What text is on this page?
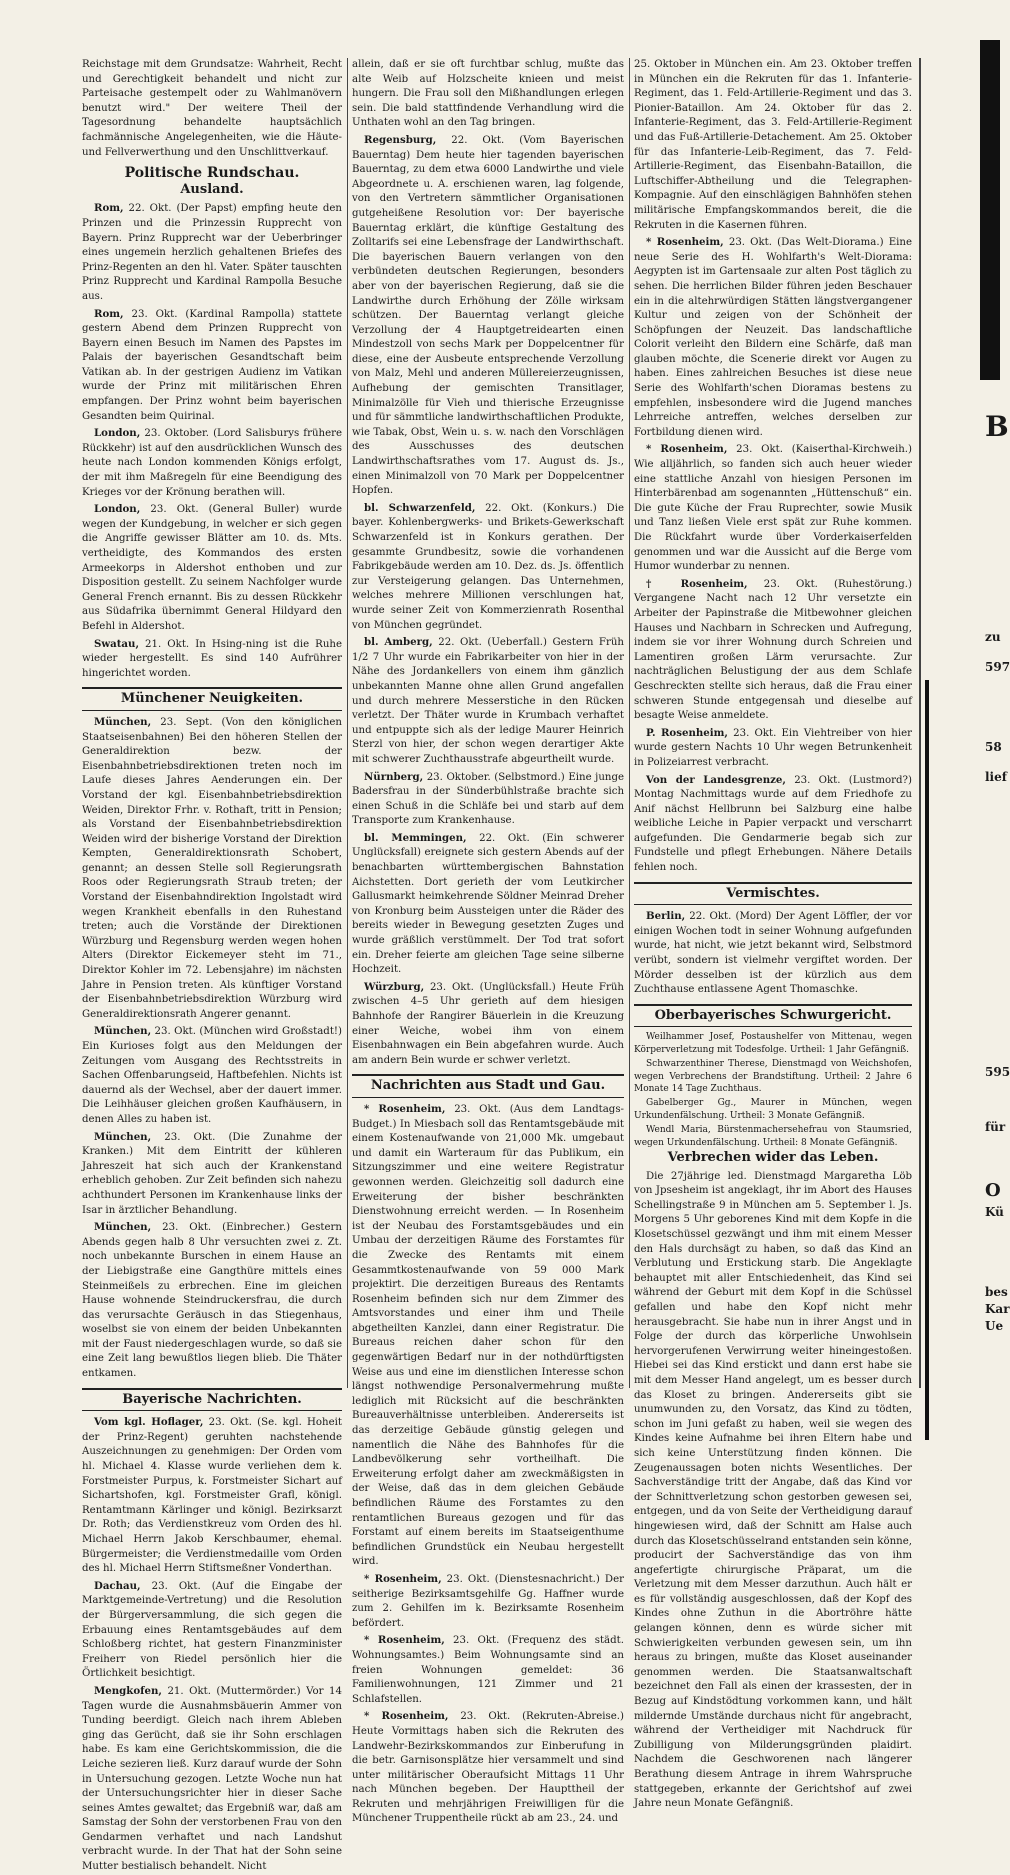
Reichstage mit dem Grundsatze: Wahrheit, Recht und Gerechtigkeit behandelt und nicht zur Parteisache gestempelt oder zu Wahlmanövern benutzt wird." Der weitere Theil der Tagesordnung behandelte hauptsächlich fachmännische Angelegenheiten, wie die Häute- und Fellverwerthung und den Unschlittverkauf.

Politische Rundschau.
Ausland.

Rom, 22. Okt. (Der Papst) empfing heute den Prinzen und die Prinzessin Rupprecht von Bayern. Prinz Rupprecht war der Ueberbringer eines ungemein herzlich gehaltenen Briefes des Prinz-Regenten an den hl. Vater. Später tauschten Prinz Rupprecht und Kardinal Rampolla Besuche aus.

Rom, 23. Okt. (Kardinal Rampolla) stattete gestern Abend dem Prinzen Rupprecht von Bayern einen Besuch im Namen des Papstes im Palais der bayerischen Gesandtschaft beim Vatikan ab. In der gestrigen Audienz im Vatikan wurde der Prinz mit militärischen Ehren empfangen. Der Prinz wohnt beim bayerischen Gesandten beim Quirinal.

London, 23. Oktober. (Lord Salisburys frühere Rückkehr) ist auf den ausdrücklichen Wunsch des heute nach London kommenden Königs erfolgt, der mit ihm Maßregeln für eine Beendigung des Krieges vor der Krönung berathen will.

London, 23. Okt. (General Buller) wurde wegen der Kundgebung, in welcher er sich gegen die Angriffe gewisser Blätter am 10. ds. Mts. vertheidigte, des Kommandos des ersten Armeekorps in Aldershot enthoben und zur Disposition gestellt. Zu seinem Nachfolger wurde General French ernannt. Bis zu dessen Rückkehr aus Südafrika übernimmt General Hildyard den Befehl in Aldershot.

Swatau, 21. Okt. In Hsing-ning ist die Ruhe wieder hergestellt. Es sind 140 Aufrührer hingerichtet worden.

Münchener Neuigkeiten.

München, 23. Sept. (Von den königlichen Staatseisenbahnen) Bei den höheren Stellen der Generaldirektion bezw. der Eisenbahnbetriebsdirektionen treten noch im Laufe dieses Jahres Aenderungen ein. Der Vorstand der kgl. Eisenbahnbetriebsdirektion Weiden, Direktor Frhr. v. Rothaft, tritt in Pension; als Vorstand der Eisenbahnbetriebsdirektion Weiden wird der bisherige Vorstand der Direktion Kempten, Generaldirektionsrath Schobert, genannt; an dessen Stelle soll Regierungsrath Roos oder Regierungsrath Straub treten; der Vorstand der Eisenbahndirektion Ingolstadt wird wegen Krankheit ebenfalls in den Ruhestand treten; auch die Vorstände der Direktionen Würzburg und Regensburg werden wegen hohen Alters (Direktor Eickemeyer steht im 71., Direktor Kohler im 72. Lebensjahre) im nächsten Jahre in Pension treten. Als künftiger Vorstand der Eisenbahnbetriebsdirektion Würzburg wird Generaldirektionsrath Angerer genannt.

München, 23. Okt. (München wird Großstadt!) Ein Kurioses folgt aus den Meldungen der Zeitungen vom Ausgang des Rechtsstreits in Sachen Offenbarungseid, Haftbefehlen. Nichts ist dauernd als der Wechsel, aber der dauert immer. Die Leihhäuser gleichen großen Kaufhäusern, in denen Alles zu haben ist.

München, 23. Okt. (Die Zunahme der Kranken.) Mit dem Eintritt der kühleren Jahreszeit hat sich auch der Krankenstand erheblich gehoben. Zur Zeit befinden sich nahezu achthundert Personen im Krankenhause links der Isar in ärztlicher Behandlung.

München, 23. Okt. (Einbrecher.) Gestern Abends gegen halb 8 Uhr versuchten zwei z. Zt. noch unbekannte Burschen in einem Hause an der Liebigstraße eine Gangthüre mittels eines Steinmeißels zu erbrechen. Eine im gleichen Hause wohnende Steindruckersfrau, die durch das verursachte Geräusch in das Stiegenhaus, woselbst sie von einem der beiden Unbekannten mit der Faust niedergeschlagen wurde, so daß sie eine Zeit lang bewußtlos liegen blieb. Die Thäter entkamen.

Bayerische Nachrichten.

Vom kgl. Hoflager, 23. Okt. (Se. kgl. Hoheit der Prinz-Regent) geruhten nachstehende Auszeichnungen zu genehmigen: Der Orden vom hl. Michael 4. Klasse wurde verliehen dem k. Forstmeister Purpus, k. Forstmeister Sichart auf Sichartshofen, kgl. Forstmeister Grafl, königl. Rentamtmann Kärlinger und königl. Bezirksarzt Dr. Roth; das Verdienstkreuz vom Orden des hl. Michael Herrn Jakob Kerschbaumer, ehemal. Bürgermeister; die Verdienstmedaille vom Orden des hl. Michael Herrn Stiftsmeßner Vonderthan.

Dachau, 23. Okt. (Auf die Eingabe der Marktgemeinde-Vertretung) und die Resolution der Bürgerversammlung, die sich gegen die Erbauung eines Rentamtsgebäudes auf dem Schloßberg richtet, hat gestern Finanzminister Freiherr von Riedel persönlich hier die Örtlichkeit besichtigt.

Mengkofen, 21. Okt. (Muttermörder.) Vor 14 Tagen wurde die Ausnahmsbäuerin Ammer von Tunding beerdigt. Gleich nach ihrem Ableben ging das Gerücht, daß sie ihr Sohn erschlagen habe. Es kam eine Gerichtskommission, die die Leiche sezieren ließ. Kurz darauf wurde der Sohn in Untersuchung gezogen. Letzte Woche nun hat der Untersuchungsrichter hier in dieser Sache seines Amtes gewaltet; das Ergebniß war, daß am Samstag der Sohn der verstorbenen Frau von den Gendarmen verhaftet und nach Landshut verbracht wurde. In der That hat der Sohn seine Mutter bestialisch behandelt. Nicht

allein, daß er sie oft furchtbar schlug, mußte das alte Weib auf Holzscheite knieen und meist hungern. Die Frau soll den Mißhandlungen erlegen sein. Die bald stattfindende Verhandlung wird die Unthaten wohl an den Tag bringen.

Regensburg, 22. Okt. (Vom Bayerischen Bauerntag) Dem heute hier tagenden bayerischen Bauerntag, zu dem etwa 6000 Landwirthe und viele Abgeordnete u. A. erschienen waren, lag folgende, von den Vertretern sämmtlicher Organisationen gutgeheißene Resolution vor: Der bayerische Bauerntag erklärt, die künftige Gestaltung des Zolltarifs sei eine Lebensfrage der Landwirthschaft. Die bayerischen Bauern verlangen von den verbündeten deutschen Regierungen, besonders aber von der bayerischen Regierung, daß sie die Landwirthe durch Erhöhung der Zölle wirksam schützen. Der Bauerntag verlangt gleiche Verzollung der 4 Hauptgetreidearten einen Mindestzoll von sechs Mark per Doppelcentner für diese, eine der Ausbeute entsprechende Verzollung von Malz, Mehl und anderen Müllereierzeugnissen, Aufhebung der gemischten Transitlager, Minimalzölle für Vieh und thierische Erzeugnisse und für sämmtliche landwirthschaftlichen Produkte, wie Tabak, Obst, Wein u. s. w. nach den Vorschlägen des Ausschusses des deutschen Landwirthschaftsrathes vom 17. August ds. Js., einen Minimalzoll von 70 Mark per Doppelcentner Hopfen.

bl. Schwarzenfeld, 22. Okt. (Konkurs.) Die bayer. Kohlenbergwerks- und Brikets-Gewerkschaft Schwarzenfeld ist in Konkurs gerathen. Der gesammte Grundbesitz, sowie die vorhandenen Fabrikgebäude werden am 10. Dez. ds. Js. öffentlich zur Versteigerung gelangen. Das Unternehmen, welches mehrere Millionen verschlungen hat, wurde seiner Zeit von Kommerzienrath Rosenthal von München gegründet.

bl. Amberg, 22. Okt. (Ueberfall.) Gestern Früh 1/2 7 Uhr wurde ein Fabrikarbeiter von hier in der Nähe des Jordankellers von einem ihm gänzlich unbekannten Manne ohne allen Grund angefallen und durch mehrere Messerstiche in den Rücken verletzt. Der Thäter wurde in Krumbach verhaftet und entpuppte sich als der ledige Maurer Heinrich Sterzl von hier, der schon wegen derartiger Akte mit schwerer Zuchthausstrafe abgeurtheilt wurde.

Nürnberg, 23. Oktober. (Selbstmord.) Eine junge Badersfrau in der Sünderbühlstraße brachte sich einen Schuß in die Schläfe bei und starb auf dem Transporte zum Krankenhause.

bl. Memmingen, 22. Okt. (Ein schwerer Unglücksfall) ereignete sich gestern Abends auf der benachbarten württembergischen Bahnstation Aichstetten. Dort gerieth der vom Leutkircher Gallusmarkt heimkehrende Söldner Meinrad Dreher von Kronburg beim Aussteigen unter die Räder des bereits wieder in Bewegung gesetzten Zuges und wurde gräßlich verstümmelt. Der Tod trat sofort ein. Dreher feierte am gleichen Tage seine silberne Hochzeit.

Würzburg, 23. Okt. (Unglücksfall.) Heute Früh zwischen 4–5 Uhr gerieth auf dem hiesigen Bahnhofe der Rangirer Bäuerlein in die Kreuzung einer Weiche, wobei ihm von einem Eisenbahnwagen ein Bein abgefahren wurde. Auch am andern Bein wurde er schwer verletzt.

Nachrichten aus Stadt und Gau.

* Rosenheim, 23. Okt. (Aus dem Landtags-Budget.) In Miesbach soll das Rentamtsgebäude mit einem Kostenaufwande von 21,000 Mk. umgebaut und damit ein Warteraum für das Publikum, ein Sitzungszimmer und eine weitere Registratur gewonnen werden. Gleichzeitig soll dadurch eine Erweiterung der bisher beschränkten Dienstwohnung erreicht werden. — In Rosenheim ist der Neubau des Forstamtsgebäudes und ein Umbau der derzeitigen Räume des Forstamtes für die Zwecke des Rentamts mit einem Gesammtkostenaufwande von 59 000 Mark projektirt. Die derzeitigen Bureaus des Rentamts Rosenheim befinden sich nur dem Zimmer des Amtsvorstandes und einer ihm und Theile abgetheilten Kanzlei, dann einer Registratur. Die Bureaus reichen daher schon für den gegenwärtigen Bedarf nur in der nothdürftigsten Weise aus und eine im dienstlichen Interesse schon längst nothwendige Personalvermehrung mußte lediglich mit Rücksicht auf die beschränkten Bureauverhältnisse unterbleiben. Andererseits ist das derzeitige Gebäude günstig gelegen und namentlich die Nähe des Bahnhofes für die Landbevölkerung sehr vortheilhaft. Die Erweiterung erfolgt daher am zweckmäßigsten in der Weise, daß das in dem gleichen Gebäude befindlichen Räume des Forstamtes zu den rentamtlichen Bureaus gezogen und für das Forstamt auf einem bereits im Staatseigenthume befindlichen Grundstück ein Neubau hergestellt wird.

* Rosenheim, 23. Okt. (Dienstesnachricht.) Der seitherige Bezirksamtsgehilfe Gg. Haffner wurde zum 2. Gehilfen im k. Bezirksamte Rosenheim befördert.

* Rosenheim, 23. Okt. (Frequenz des städt. Wohnungsamtes.) Beim Wohnungsamte sind an freien Wohnungen gemeldet: 36 Familienwohnungen, 121 Zimmer und 21 Schlafstellen.

* Rosenheim, 23. Okt. (Rekruten-Abreise.) Heute Vormittags haben sich die Rekruten des Landwehr-Bezirkskommandos zur Einberufung in die betr. Garnisonsplätze hier versammelt und sind unter militärischer Oberaufsicht Mittags 11 Uhr nach München begeben. Der Haupttheil der Rekruten und mehrjährigen Freiwilligen für die Münchener Truppentheile rückt ab am 23., 24. und

25. Oktober in München ein. Am 23. Oktober treffen in München ein die Rekruten für das 1. Infanterie-Regiment, das 1. Feld-Artillerie-Regiment und das 3. Pionier-Bataillon. Am 24. Oktober für das 2. Infanterie-Regiment, das 3. Feld-Artillerie-Regiment und das Fuß-Artillerie-Detachement. Am 25. Oktober für das Infanterie-Leib-Regiment, das 7. Feld-Artillerie-Regiment, das Eisenbahn-Bataillon, die Luftschiffer-Abtheilung und die Telegraphen-Kompagnie. Auf den einschlägigen Bahnhöfen stehen militärische Empfangskommandos bereit, die die Rekruten in die Kasernen führen.

* Rosenheim, 23. Okt. (Das Welt-Diorama.) Eine neue Serie des H. Wohlfarth's Welt-Diorama: Aegypten ist im Gartensaale zur alten Post täglich zu sehen. Die herrlichen Bilder führen jeden Beschauer ein in die altehrwürdigen Stätten längstvergangener Kultur und zeigen von der Schönheit der Schöpfungen der Neuzeit. Das landschaftliche Colorit verleiht den Bildern eine Schärfe, daß man glauben möchte, die Scenerie direkt vor Augen zu haben. Eines zahlreichen Besuches ist diese neue Serie des Wohlfarth'schen Dioramas bestens zu empfehlen, insbesondere wird die Jugend manches Lehrreiche antreffen, welches derselben zur Fortbildung dienen wird.

* Rosenheim, 23. Okt. (Kaiserthal-Kirchweih.) Wie alljährlich, so fanden sich auch heuer wieder eine stattliche Anzahl von hiesigen Personen im Hinterbärenbad am sogenannten „Hüttenschuß“ ein. Die gute Küche der Frau Ruprechter, sowie Musik und Tanz ließen Viele erst spät zur Ruhe kommen. Die Rückfahrt wurde über Vorderkaiserfelden genommen und war die Aussicht auf die Berge vom Humor wunderbar zu nennen.

† Rosenheim, 23. Okt. (Ruhestörung.) Vergangene Nacht nach 12 Uhr versetzte ein Arbeiter der Papinstraße die Mitbewohner gleichen Hauses und Nachbarn in Schrecken und Aufregung, indem sie vor ihrer Wohnung durch Schreien und Lamentiren großen Lärm verursachte. Zur nachträglichen Belustigung der aus dem Schlafe Geschreckten stellte sich heraus, daß die Frau einer schweren Stunde entgegensah und dieselbe auf besagte Weise anmeldete.

P. Rosenheim, 23. Okt. Ein Viehtreiber von hier wurde gestern Nachts 10 Uhr wegen Betrunkenheit in Polizeiarrest verbracht.

Von der Landesgrenze, 23. Okt. (Lustmord?) Montag Nachmittags wurde auf dem Friedhofe zu Anif nächst Hellbrunn bei Salzburg eine halbe weibliche Leiche in Papier verpackt und verscharrt aufgefunden. Die Gendarmerie begab sich zur Fundstelle und pflegt Erhebungen. Nähere Details fehlen noch.

Vermischtes.

Berlin, 22. Okt. (Mord) Der Agent Löffler, der vor einigen Wochen todt in seiner Wohnung aufgefunden wurde, hat nicht, wie jetzt bekannt wird, Selbstmord verübt, sondern ist vielmehr vergiftet worden. Der Mörder desselben ist der kürzlich aus dem Zuchthause entlassene Agent Thomaschke.

Oberbayerisches Schwurgericht.

Weilhammer Josef, Postaushelfer von Mittenau, wegen Körperverletzung mit Todesfolge. Urtheil: 1 Jahr Gefängniß.

Schwarzenthiner Therese, Dienstmagd von Weichshofen, wegen Verbrechens der Brandstiftung. Urtheil: 2 Jahre 6 Monate 14 Tage Zuchthaus.

Gabelberger Gg., Maurer in München, wegen Urkundenfälschung. Urtheil: 3 Monate Gefängniß.

Wendl Maria, Bürstenmachersehefrau von Staumsried, wegen Urkundenfälschung. Urtheil: 8 Monate Gefängniß.

Verbrechen wider das Leben.

Die 27jährige led. Dienstmagd Margaretha Löb von Jpsesheim ist angeklagt, ihr im Abort des Hauses Schellingstraße 9 in München am 5. September l. Js. Morgens 5 Uhr geborenes Kind mit dem Kopfe in die Klosetschüssel gezwängt und ihm mit einem Messer den Hals durchsägt zu haben, so daß das Kind an Verblutung und Erstickung starb. Die Angeklagte behauptet mit aller Entschiedenheit, das Kind sei während der Geburt mit dem Kopf in die Schüssel gefallen und habe den Kopf nicht mehr herausgebracht. Sie habe nun in ihrer Angst und in Folge der durch das körperliche Unwohlsein hervorgerufenen Verwirrung weiter hineingestoßen. Hiebei sei das Kind erstickt und dann erst habe sie mit dem Messer Hand angelegt, um es besser durch das Kloset zu bringen. Andererseits gibt sie unumwunden zu, den Vorsatz, das Kind zu tödten, schon im Juni gefaßt zu haben, weil sie wegen des Kindes keine Aufnahme bei ihren Eltern habe und sich keine Unterstützung finden können. Die Zeugenaussagen boten nichts Wesentliches. Der Sachverständige tritt der Angabe, daß das Kind vor der Schnittverletzung schon gestorben gewesen sei, entgegen, und da von Seite der Vertheidigung darauf hingewiesen wird, daß der Schnitt am Halse auch durch das Klosetschüsselrand entstanden sein könne, producirt der Sachverständige das von ihm angefertigte chirurgische Präparat, um die Verletzung mit dem Messer darzuthun. Auch hält er es für vollständig ausgeschlossen, daß der Kopf des Kindes ohne Zuthun in die Abortröhre hätte gelangen können, denn es würde sicher mit Schwierigkeiten verbunden gewesen sein, um ihn heraus zu bringen, mußte das Kloset auseinander genommen werden. Die Staatsanwaltschaft bezeichnet den Fall als einen der krassesten, der in Bezug auf Kindstödtung vorkommen kann, und hält mildernde Umstände durchaus nicht für angebracht, während der Vertheidiger mit Nachdruck für Zubilligung von Milderungsgründen plaidirt. Nachdem die Geschworenen nach längerer Berathung diesem Antrage in ihrem Wahrspruche stattgegeben, erkannte der Gerichtshof auf zwei Jahre neun Monate Gefängniß.

B
zu
597
58
lief
595
für
O
Kü
bes
Kar
Ue
